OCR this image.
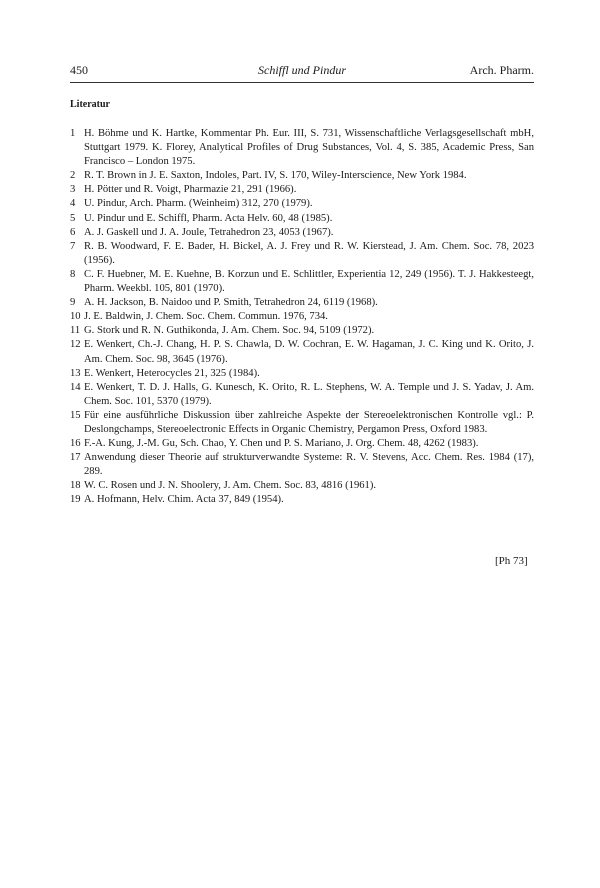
450	Schiffl und Pindur	Arch. Pharm.
Literatur
1 H. Böhme und K. Hartke, Kommentar Ph. Eur. III, S. 731, Wissenschaftliche Verlagsgesellschaft mbH, Stuttgart 1979. K. Florey, Analytical Profiles of Drug Substances, Vol. 4, S. 385, Academic Press, San Francisco – London 1975.
2 R. T. Brown in J. E. Saxton, Indoles, Part. IV, S. 170, Wiley-Interscience, New York 1984.
3 H. Pötter und R. Voigt, Pharmazie 21, 291 (1966).
4 U. Pindur, Arch. Pharm. (Weinheim) 312, 270 (1979).
5 U. Pindur und E. Schiffl, Pharm. Acta Helv. 60, 48 (1985).
6 A. J. Gaskell und J. A. Joule, Tetrahedron 23, 4053 (1967).
7 R. B. Woodward, F. E. Bader, H. Bickel, A. J. Frey und R. W. Kierstead, J. Am. Chem. Soc. 78, 2023 (1956).
8 C. F. Huebner, M. E. Kuehne, B. Korzun und E. Schlittler, Experientia 12, 249 (1956). T. J. Hakkesteegt, Pharm. Weekbl. 105, 801 (1970).
9 A. H. Jackson, B. Naidoo und P. Smith, Tetrahedron 24, 6119 (1968).
10 J. E. Baldwin, J. Chem. Soc. Chem. Commun. 1976, 734.
11 G. Stork und R. N. Guthikonda, J. Am. Chem. Soc. 94, 5109 (1972).
12 E. Wenkert, Ch.-J. Chang, H. P. S. Chawla, D. W. Cochran, E. W. Hagaman, J. C. King und K. Orito, J. Am. Chem. Soc. 98, 3645 (1976).
13 E. Wenkert, Heterocycles 21, 325 (1984).
14 E. Wenkert, T. D. J. Halls, G. Kunesch, K. Orito, R. L. Stephens, W. A. Temple und J. S. Yadav, J. Am. Chem. Soc. 101, 5370 (1979).
15 Für eine ausführliche Diskussion über zahlreiche Aspekte der Stereoelektronischen Kontrolle vgl.: P. Deslongchamps, Stereoelectronic Effects in Organic Chemistry, Pergamon Press, Oxford 1983.
16 F.-A. Kung, J.-M. Gu, Sch. Chao, Y. Chen und P. S. Mariano, J. Org. Chem. 48, 4262 (1983).
17 Anwendung dieser Theorie auf strukturverwandte Systeme: R. V. Stevens, Acc. Chem. Res. 1984 (17), 289.
18 W. C. Rosen und J. N. Shoolery, J. Am. Chem. Soc. 83, 4816 (1961).
19 A. Hofmann, Helv. Chim. Acta 37, 849 (1954).
[Ph 73]
